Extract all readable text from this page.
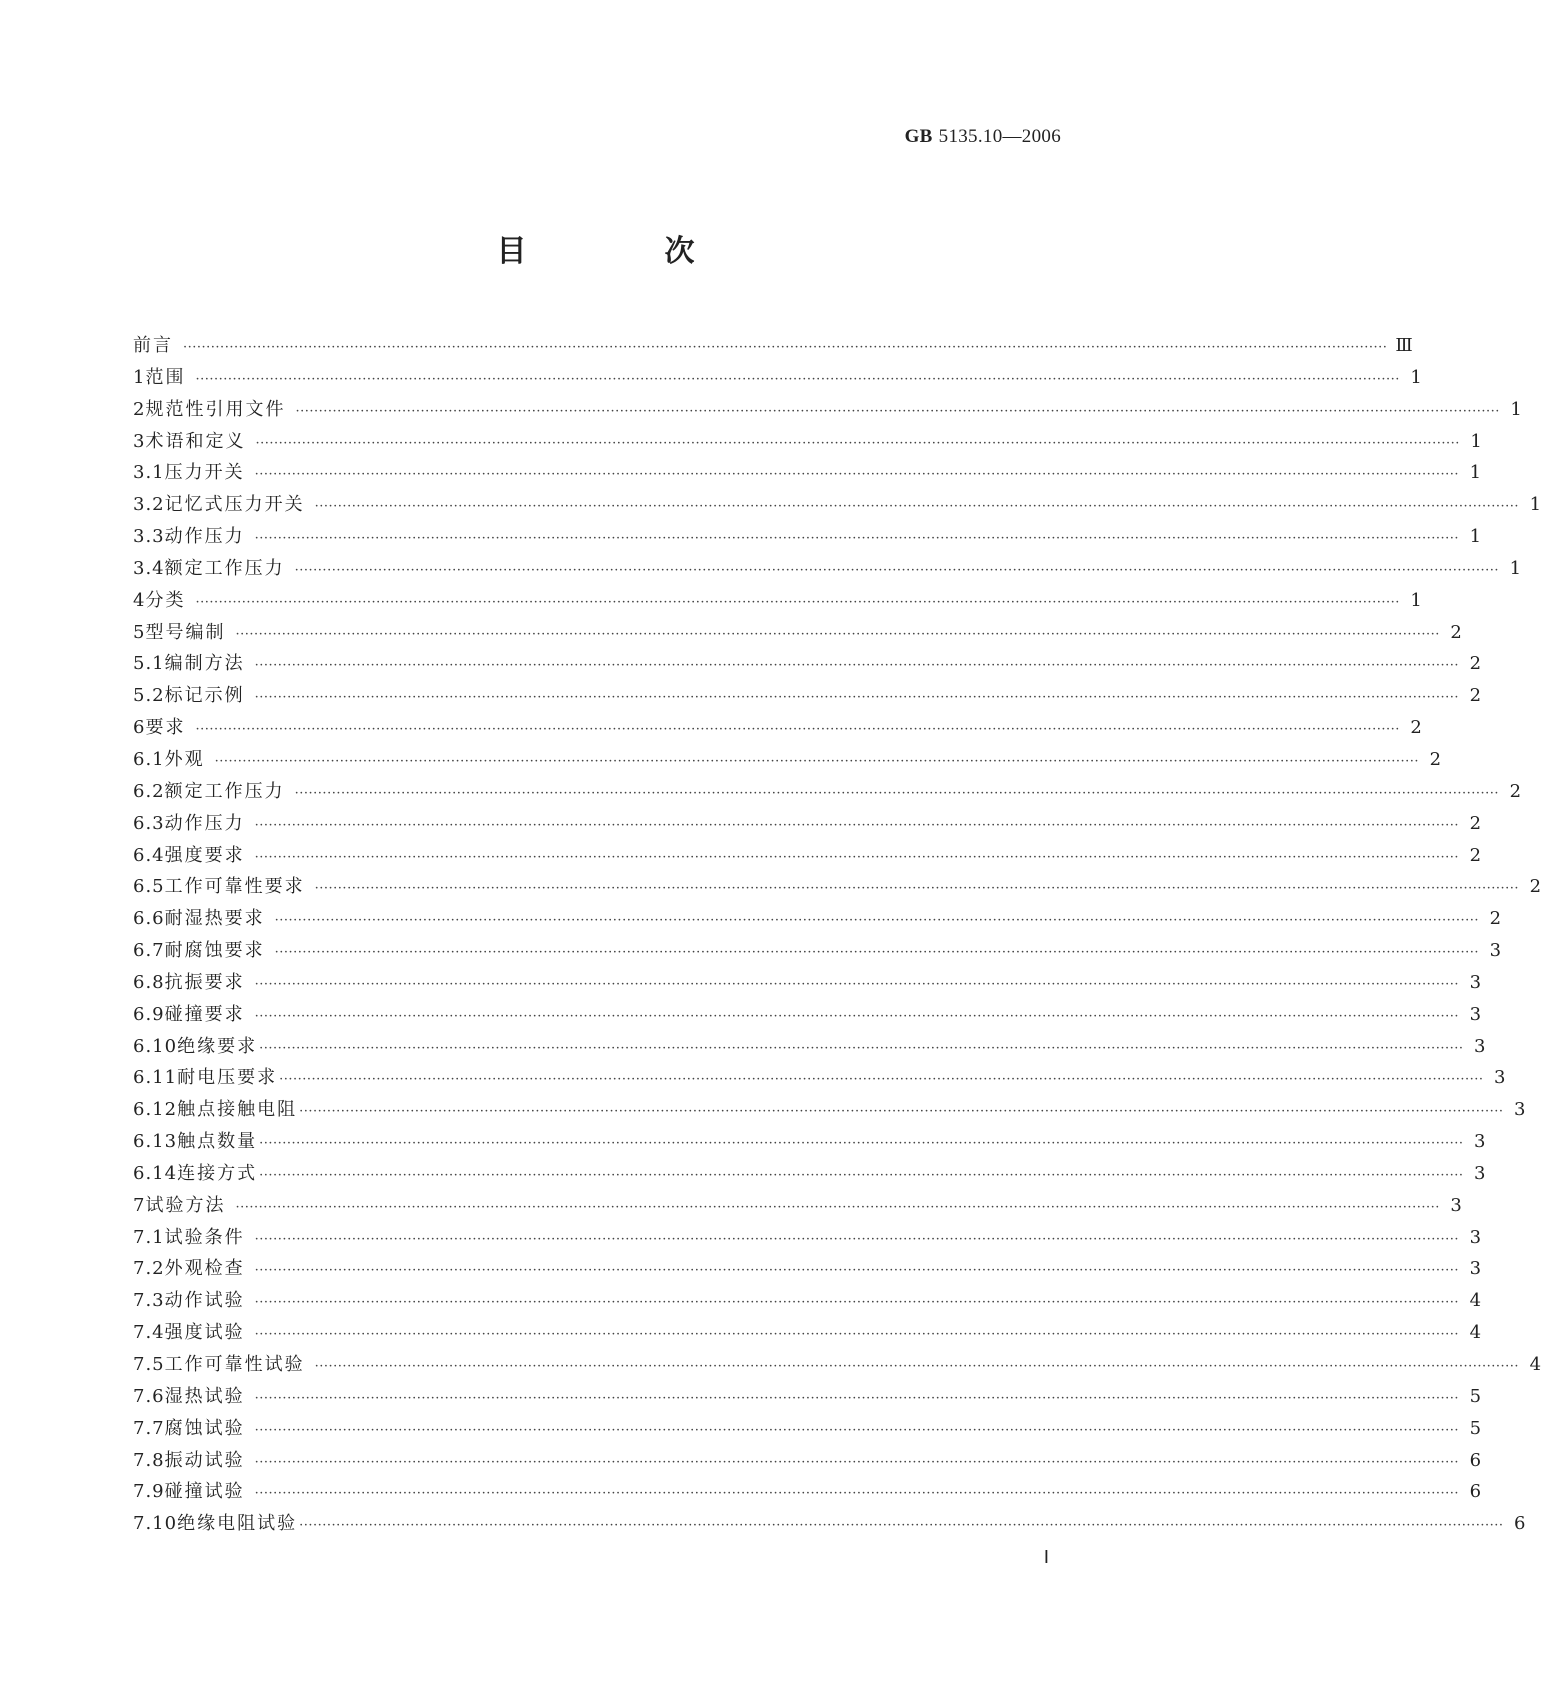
GB 5135.10—2006
目　次
前言 ···································································································································································································································································· Ⅲ
1 范围 ···································································································································································································································································· 1
2 规范性引用文件 ···································································································································································································································································· 1
3 术语和定义 ···································································································································································································································································· 1
3.1 压力开关 ···································································································································································································································································· 1
3.2 记忆式压力开关 ···································································································································································································································································· 1
3.3 动作压力 ···································································································································································································································································· 1
3.4 额定工作压力 ···································································································································································································································································· 1
4 分类 ···································································································································································································································································· 1
5 型号编制 ···································································································································································································································································· 2
5.1 编制方法 ···································································································································································································································································· 2
5.2 标记示例 ···································································································································································································································································· 2
6 要求 ···································································································································································································································································· 2
6.1 外观 ···································································································································································································································································· 2
6.2 额定工作压力 ···································································································································································································································································· 2
6.3 动作压力 ···································································································································································································································································· 2
6.4 强度要求 ···································································································································································································································································· 2
6.5 工作可靠性要求 ···································································································································································································································································· 2
6.6 耐湿热要求 ···································································································································································································································································· 2
6.7 耐腐蚀要求 ···································································································································································································································································· 3
6.8 抗振要求 ···································································································································································································································································· 3
6.9 碰撞要求 ···································································································································································································································································· 3
6.10 绝缘要求 ···································································································································································································································································· 3
6.11 耐电压要求 ···································································································································································································································································· 3
6.12 触点接触电阻 ···································································································································································································································································· 3
6.13 触点数量 ···································································································································································································································································· 3
6.14 连接方式 ···································································································································································································································································· 3
7 试验方法 ···································································································································································································································································· 3
7.1 试验条件 ···································································································································································································································································· 3
7.2 外观检查 ···································································································································································································································································· 3
7.3 动作试验 ···································································································································································································································································· 4
7.4 强度试验 ···································································································································································································································································· 4
7.5 工作可靠性试验 ···································································································································································································································································· 4
7.6 湿热试验 ···································································································································································································································································· 5
7.7 腐蚀试验 ···································································································································································································································································· 5
7.8 振动试验 ···································································································································································································································································· 6
7.9 碰撞试验 ···································································································································································································································································· 6
7.10 绝缘电阻试验 ···································································································································································································································································· 6
Ⅰ
